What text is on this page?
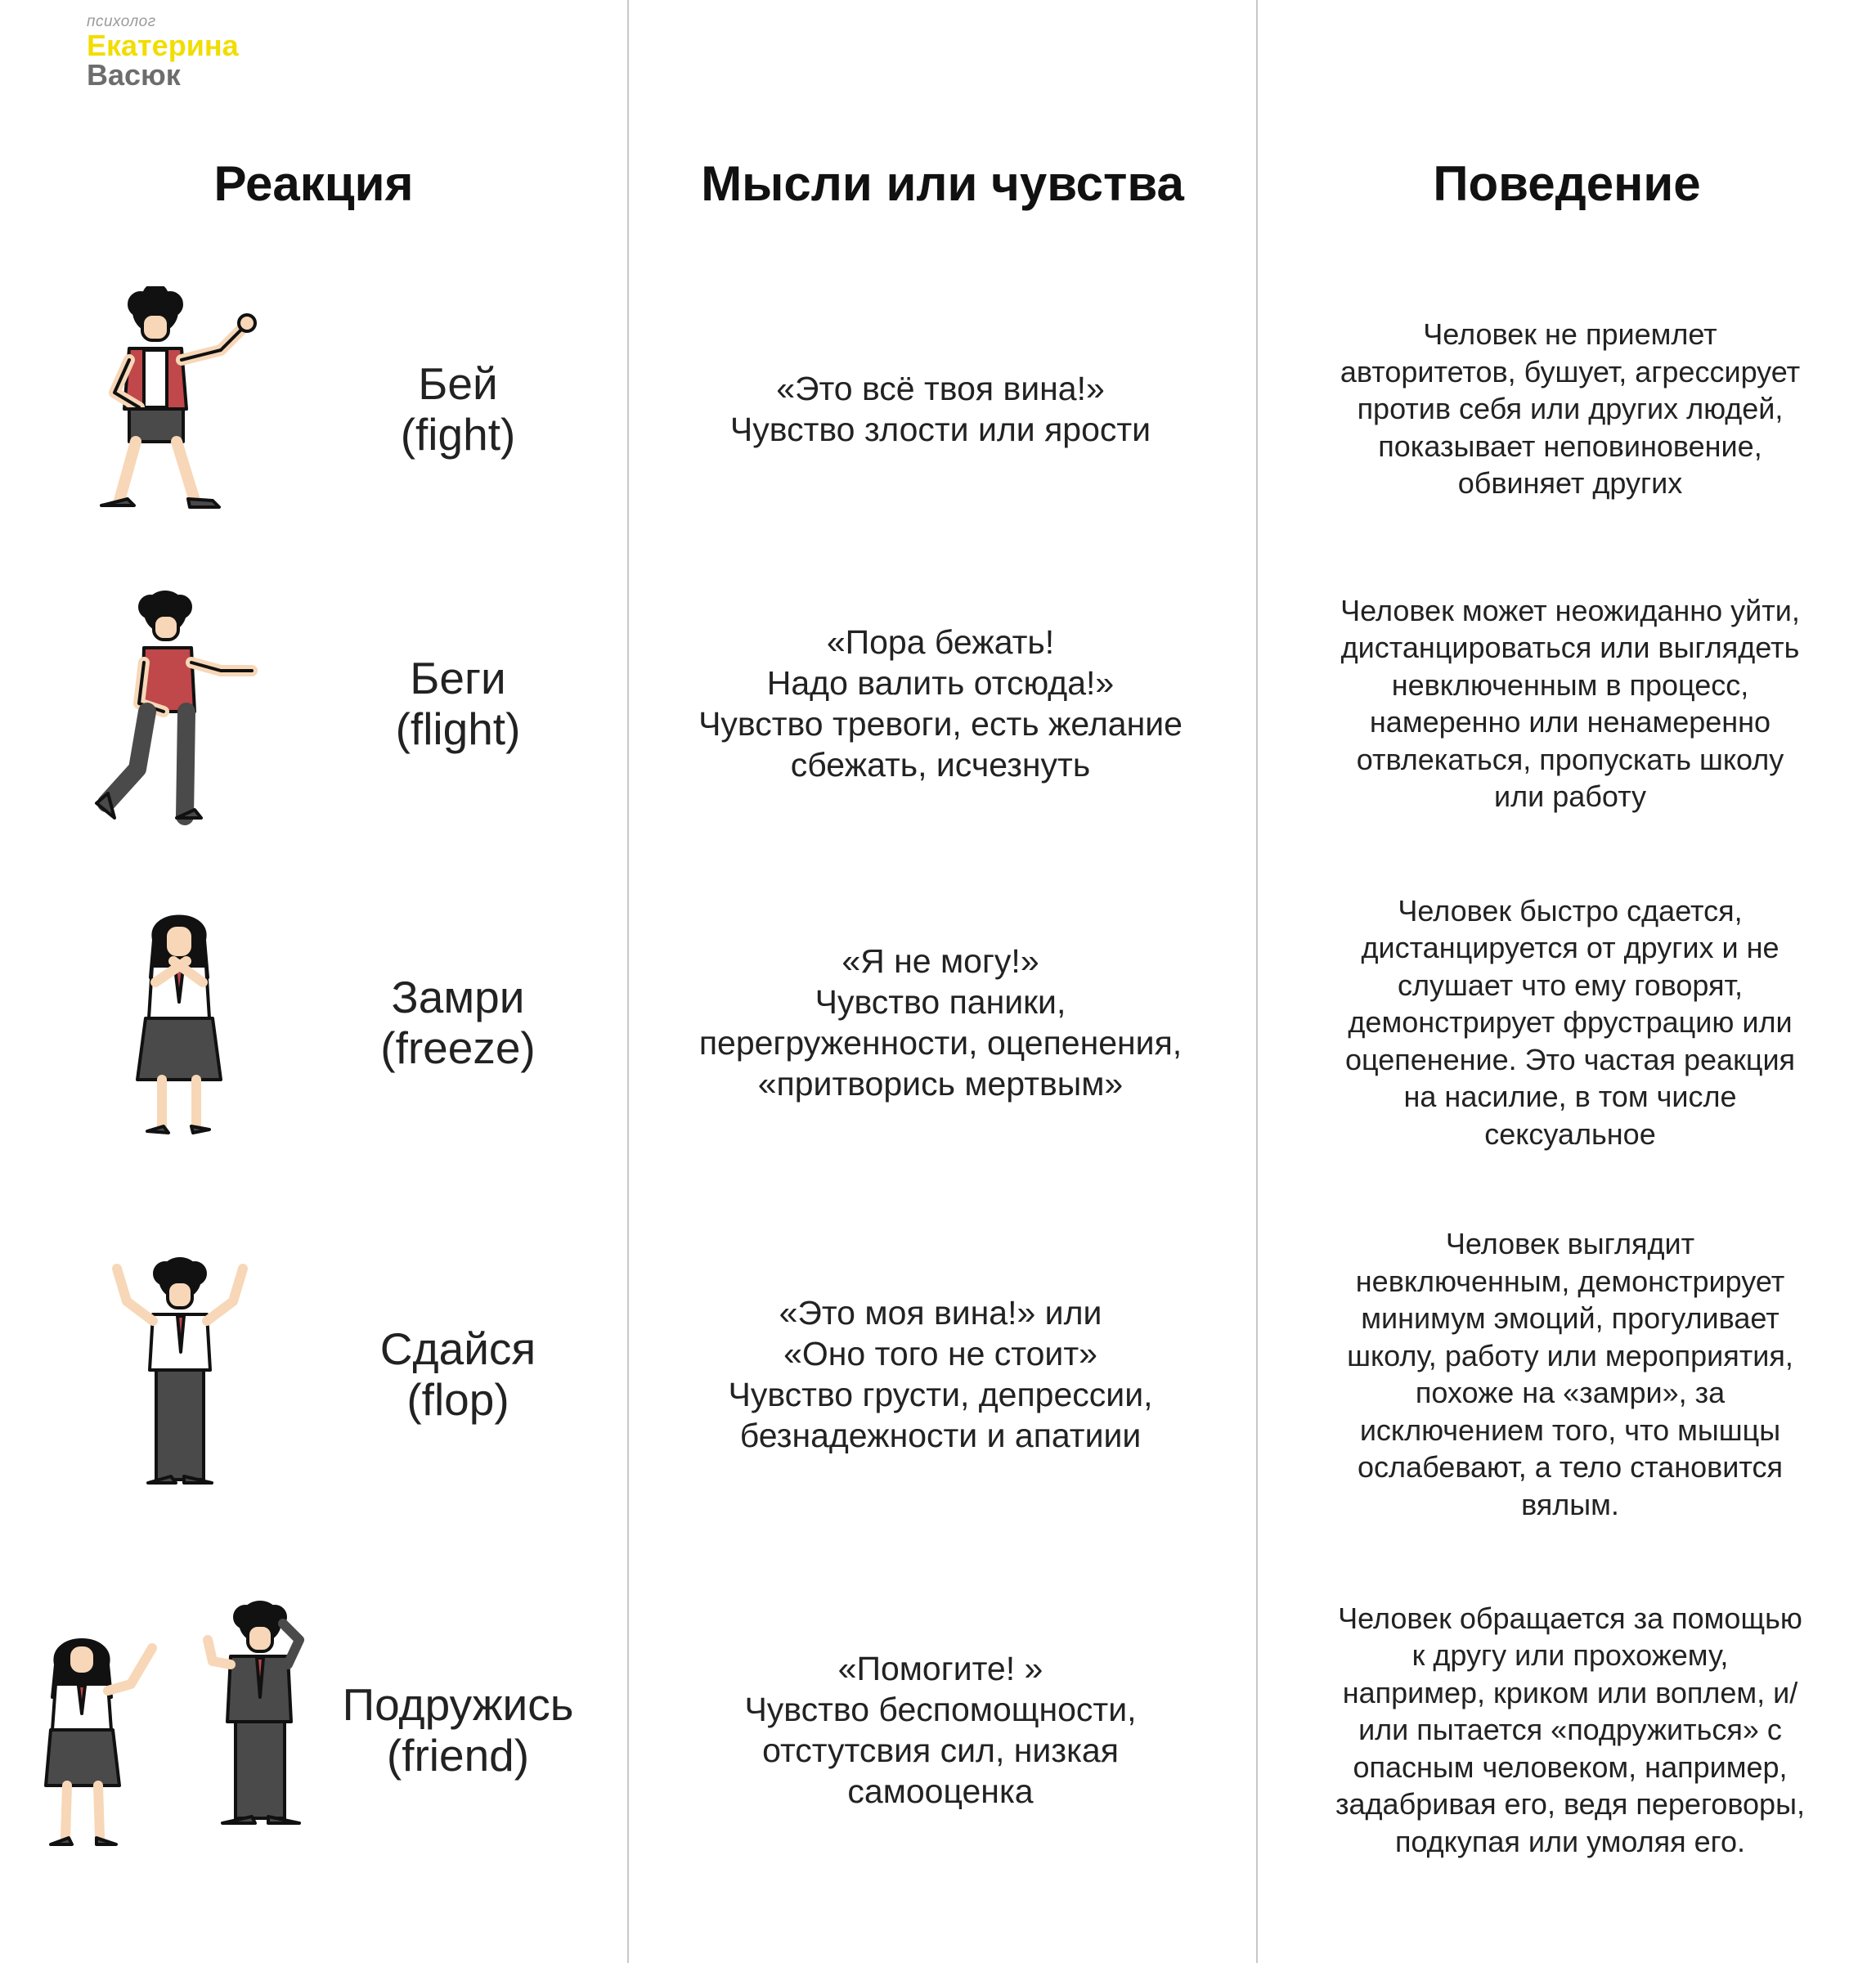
психолог
Екатерина
Васюк
Реакция	Мысли или чувства	Поведение
Бей
(fight)
«Это всё твоя вина!»
Чувство злости или ярости
Человек не приемлет
авторитетов, бушует, агрессирует
против себя или других людей,
показывает неповиновение,
обвиняет других
Беги
(flight)
«Пора бежать!
Надо валить отсюда!»
Чувство тревоги, есть желание
сбежать, исчезнуть
Человек может неожиданно уйти,
дистанцироваться или выглядеть
невключенным в процесс,
намеренно или ненамеренно
отвлекаться, пропускать школу
или работу
Замри
(freeze)
«Я не могу!»
Чувство паники,
перегруженности, оцепенения,
«притворись мертвым»
Человек быстро сдается,
дистанцируется от других и не
слушает что ему говорят,
демонстрирует фрустрацию или
оцепенение. Это частая реакция
на насилие, в том числе
сексуальное
Сдайся
(flop)
«Это моя вина!» или
«Оно того не стоит»
Чувство грусти, депрессии,
безнадежности и апатиии
Человек выглядит
невключенным, демонстрирует
минимум эмоций, прогуливает
школу, работу или мероприятия,
похоже на «замри», за
исключением того, что мышцы
ослабевают, а тело становится
вялым.
Подружись
(friend)
«Помогите! »
Чувство беспомощности,
отстутсвия сил, низкая
самооценка
Человек обращается за помощью
к другу или прохожему,
например, криком или воплем, и/
или пытается «подружиться» с
опасным человеком, например,
задабривая его, ведя переговоры,
подкупая или умоляя его.
